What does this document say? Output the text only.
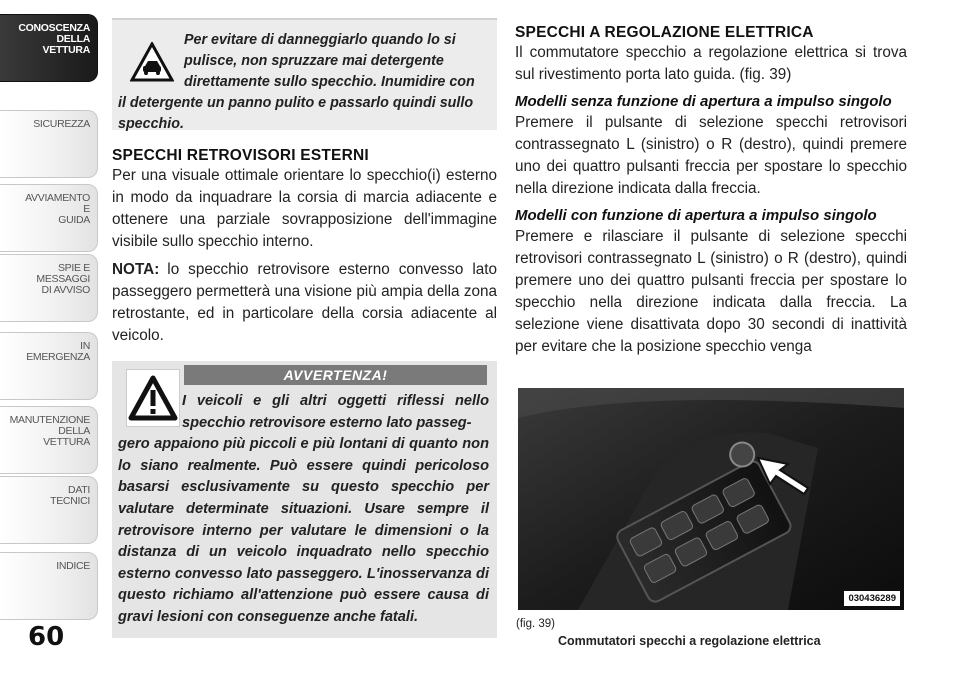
CONOSCENZA
DELLA
VETTURA
SICUREZZA
AVVIAMENTO
E
GUIDA
SPIE E
MESSAGGI
DI AVVISO
IN
EMERGENZA
MANUTENZIONE
DELLA
VETTURA
DATI
TECNICI
INDICE
60
Per evitare di danneggiarlo quando lo si pulisce, non spruzzare mai detergente direttamente sullo specchio. Inumidire con
il detergente un panno pulito e passarlo quindi sullo specchio.
SPECCHI RETROVISORI ESTERNI

Per una visuale ottimale orientare lo specchio(i) esterno in modo da inquadrare la corsia di marcia adiacente e ottenere una parziale sovrapposizione dell'immagine visibile sullo specchio interno.

NOTA: lo specchio retrovisore esterno convesso lato passeggero permetterà una visione più ampia della zona retrostante, ed in particolare della corsia adiacente al veicolo.

AVVERTENZA!
I veicoli e gli altri oggetti riflessi nello specchio retrovisore esterno lato passeg-
gero appaiono più piccoli e più lontani di quanto non lo siano realmente. Può essere quindi pericoloso basarsi esclusivamente su questo specchio per valutare determinate situazioni. Usare sempre il retrovisore interno per valutare le dimensioni o la distanza di un veicolo inquadrato nello specchio esterno convesso lato passeggero. L'inosservanza di questo richiamo all'attenzione può essere causa di gravi lesioni con conseguenze anche fatali.
SPECCHI A REGOLAZIONE ELETTRICA

Il commutatore specchio a regolazione elettrica si trova sul rivestimento porta lato guida. (fig. 39)

Modelli senza funzione di apertura a impulso singolo

Premere il pulsante di selezione specchi retrovisori contrassegnato L (sinistro) o R (destro), quindi premere uno dei quattro pulsanti freccia per spostare lo specchio nella direzione indicata dalla freccia.

Modelli con funzione di apertura a impulso singolo

Premere e rilasciare il pulsante di selezione specchi retrovisori contrassegnato L (sinistro) o R (destro), quindi premere uno dei quattro pulsanti freccia per spostare lo specchio nella direzione indicata dalla freccia. La selezione viene disattivata dopo 30 secondi di inattività per evitare che la posizione specchio venga

030436289
(fig. 39)
Commutatori specchi a regolazione elettrica
